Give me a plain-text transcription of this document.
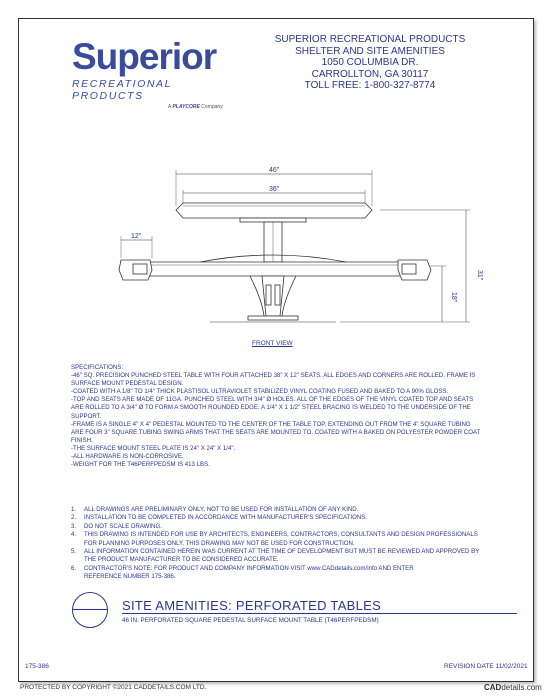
Superior
RECREATIONAL PRODUCTS
A PLAYCORE Company
SUPERIOR RECREATIONAL PRODUCTS
SHELTER AND SITE AMENITIES
1050 COLUMBIA DR.
CARROLLTON, GA 30117
TOLL FREE: 1-800-327-8774
46"
36"
12"
31"
18"
FRONT VIEW
SPECIFICATIONS:
-46" SQ. PRECISION PUNCHED STEEL TABLE WITH FOUR ATTACHED 38" X 12" SEATS. ALL EDGES AND CORNERS ARE ROLLED. FRAME IS
SURFACE MOUNT PEDESTAL DESIGN.
-COATED WITH A 1/8" TO 1/4" THICK PLASTISOL ULTRAVIOLET STABILIZED VINYL COATING FUSED AND BAKED TO A 90% GLOSS.
-TOP AND SEATS ARE MADE OF 11GA. PUNCHED STEEL WITH 3/4" Ø HOLES. ALL OF THE EDGES OF THE VINYL COATED TOP AND SEATS
ARE ROLLED TO A 3/4" Ø TO FORM A SMOOTH ROUNDED EDGE. A 1/4" X 1 1/2" STEEL BRACING IS WELDED TO THE UNDERSIDE OF THE
SUPPORT.
-FRAME IS A SINGLE 4" X 4" PEDESTAL MOUNTED TO THE CENTER OF THE TABLE TOP. EXTENDING OUT FROM THE 4" SQUARE TUBING
ARE FOUR 3" SQUARE TUBING SWING ARMS THAT THE SEATS ARE MOUNTED TO. COATED WITH A BAKED ON POLYESTER POWDER COAT
FINISH.
-THE SURFACE MOUNT STEEL PLATE IS 24" X 24" X 1/4".
-ALL HARDWARE IS NON-CORROSIVE.
-WEIGHT FOR THE T46PERFPEDSM IS 413 LBS.
1.	ALL DRAWINGS ARE PRELIMINARY ONLY, NOT TO BE USED FOR INSTALLATION OF ANY KIND.
2.	INSTALLATION TO BE COMPLETED IN ACCORDANCE WITH MANUFACTURER'S SPECIFICATIONS.
3.	DO NOT SCALE DRAWING.
4.	THIS DRAWING IS INTENDED FOR USE BY ARCHITECTS, ENGINEERS, CONTRACTORS, CONSULTANTS AND DESIGN PROFESSIONALS
FOR PLANNING PURPOSES ONLY. THIS DRAWING MAY NOT BE USED FOR CONSTRUCTION.
5.	ALL INFORMATION CONTAINED HEREIN WAS CURRENT AT THE TIME OF DEVELOPMENT BUT MUST BE REVIEWED AND APPROVED BY
THE PRODUCT MANUFACTURER TO BE CONSIDERED ACCURATE.
6.	CONTRACTOR'S NOTE: FOR PRODUCT AND COMPANY INFORMATION VISIT www.CADdetails.com/info AND ENTER
REFERENCE NUMBER 175-386.
SITE AMENITIES: PERFORATED TABLES
46 IN. PERFORATED SQUARE PEDESTAL SURFACE MOUNT TABLE (T46PERFPEDSM)
175-386	REVISION DATE 11/02/2021
PROTECTED BY COPYRIGHT ©2021 CADDETAILS.COM LTD.	CADdetails.com
